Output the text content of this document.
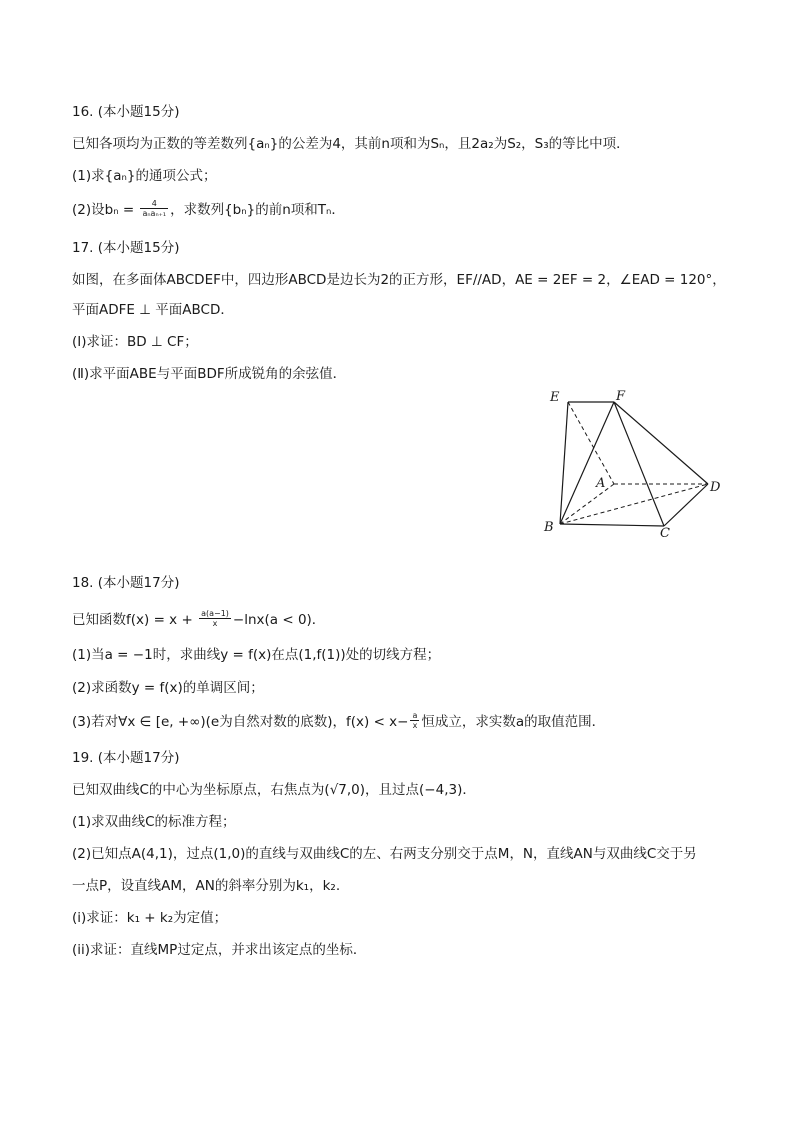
16. (本小题15分)
已知各项均为正数的等差数列{aₙ}的公差为4，其前n项和为Sₙ，且2a₂为S₂，S₃的等比中项．
(1)求{aₙ}的通项公式；
(2)设$b_n = \frac{4}{\text{aₙaₙ₊₁}}$ ，求数列{bₙ}的前n项和Tₙ．
17. (本小题15分)
如图，在多面体ABCDEF中，四边形ABCD是边长为2的正方形，EF//AD，AE = 2EF = 2，∠EAD = 120°，
平面ADFE ⊥ 平面ABCD．
(Ⅰ)求证：BD ⊥ CF；
(Ⅱ)求平面ABE与平面BDF所成锐角的余弦值．
E	F
A	D
B	C
18. (本小题17分)
已知函数$f(x) = x + \frac{a(a-1)}{x} -\ln x(a < 0)$．
(1)当a = −1时，求曲线y = f(x)在点(1,f(1))处的切线方程；
(2)求函数y = f(x)的单调区间；
(3)若对∀x ∈ [e, +∞)(e为自然对数的底数)，$f(x) < x- \frac{a}{x}$ 恒成立，求实数a的取值范围．
19. (本小题17分)
已知双曲线C的中心为坐标原点，右焦点为(√7,0)，且过点(−4,3)．
(1)求双曲线C的标准方程；
(2)已知点A(4,1)，过点(1,0)的直线与双曲线C的左、右两支分别交于点M，N，直线AN与双曲线C交于另
一点P，设直线AM，AN的斜率分别为k₁，k₂.
(i)求证：k₁ + k₂为定值；
(ii)求证：直线MP过定点，并求出该定点的坐标．
